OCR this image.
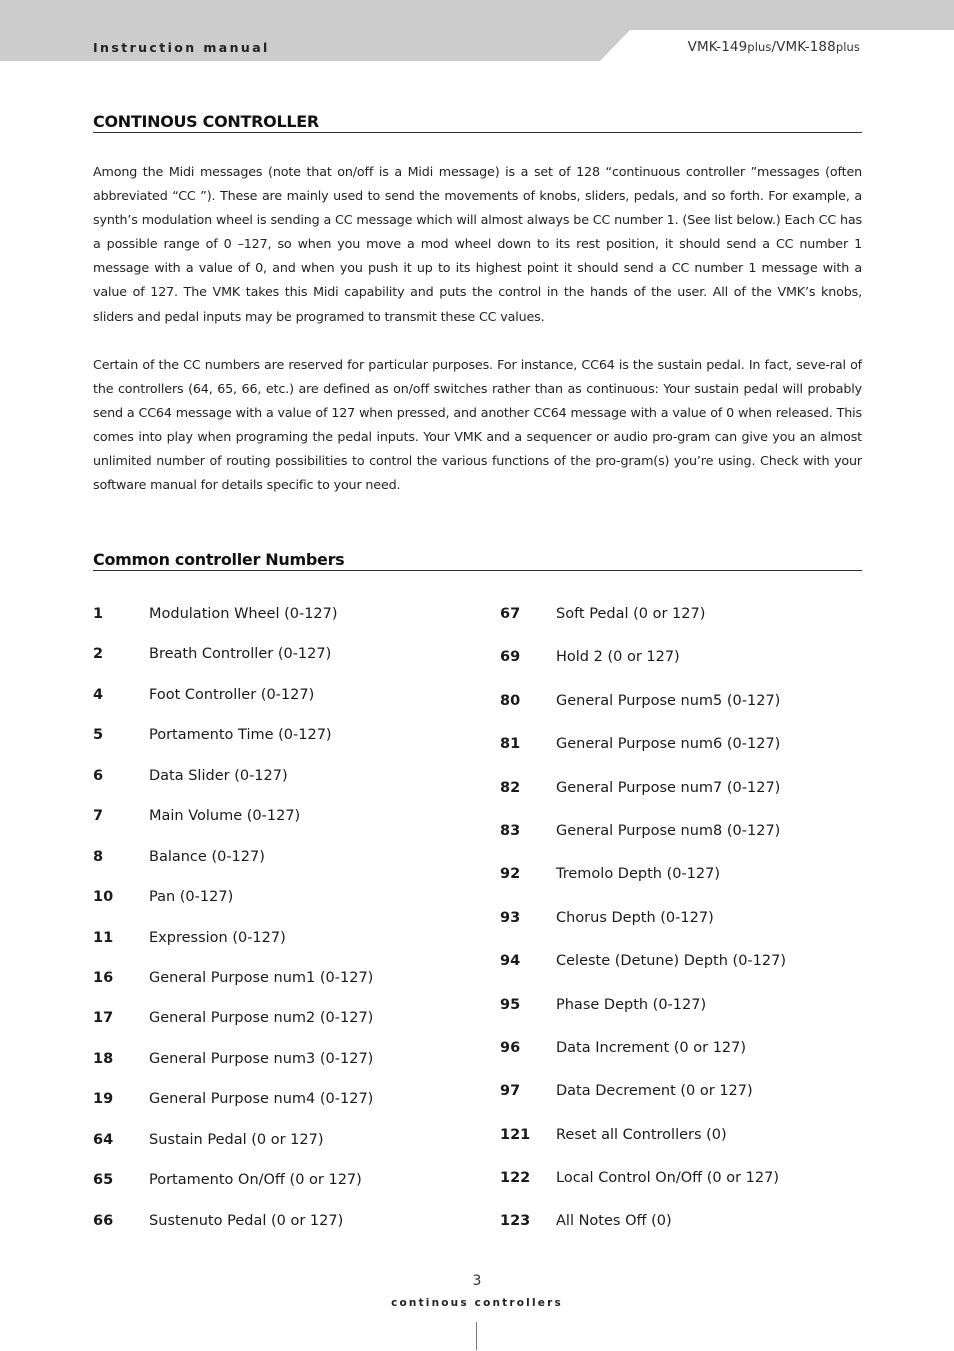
Instruction manual	VMK-149plus/VMK-188plus
CONTINOUS CONTROLLER

Among the Midi messages (note that on/off is a Midi message) is a set of 128 “continuous controller ”messages (often abbreviated “CC ”). These are mainly used to send the movements of knobs, sliders, pedals, and so forth. For example, a synth’s modulation wheel is sending a CC message which will almost always be CC number 1. (See list below.) Each CC has a possible range of 0 –127, so when you move a mod wheel down to its rest position, it should send a CC number 1 message with a value of 0, and when you push it up to its highest point it should send a CC number 1 message with a value of 127. The VMK takes this Midi capability and puts the control in the hands of the user. All of the VMK’s knobs, sliders and pedal inputs may be programed to transmit these CC values.

Certain of the CC numbers are reserved for particular purposes. For instance, CC64 is the sustain pedal. In fact, seve-ral of the controllers (64, 65, 66, etc.) are defined as on/off switches rather than as continuous: Your sustain pedal will probably send a CC64 message with a value of 127 when pressed, and another CC64 message with a value of 0 when released. This comes into play when programing the pedal inputs. Your VMK and a sequencer or audio pro-gram can give you an almost unlimited number of routing possibilities to control the various functions of the pro-gram(s) you’re using. Check with your software manual for details specific to your need.

Common controller Numbers
1	Modulation Wheel (0-127)
2	Breath Controller (0-127)
4	Foot Controller (0-127)
5	Portamento Time (0-127)
6	Data Slider (0-127)
7	Main Volume (0-127)
8	Balance (0-127)
10	Pan (0-127)
11	Expression (0-127)
16	General Purpose num1 (0-127)
17	General Purpose num2 (0-127)
18	General Purpose num3 (0-127)
19	General Purpose num4 (0-127)
64	Sustain Pedal (0 or 127)
65	Portamento On/Off (0 or 127)
66	Sustenuto Pedal (0 or 127)
67	Soft Pedal (0 or 127)
69	Hold 2 (0 or 127)
80	General Purpose num5 (0-127)
81	General Purpose num6 (0-127)
82	General Purpose num7 (0-127)
83	General Purpose num8 (0-127)
92	Tremolo Depth (0-127)
93	Chorus Depth (0-127)
94	Celeste (Detune) Depth (0-127)
95	Phase Depth (0-127)
96	Data Increment (0 or 127)
97	Data Decrement (0 or 127)
121	Reset all Controllers (0)
122	Local Control On/Off (0 or 127)
123	All Notes Off (0)
3
continous controllers
